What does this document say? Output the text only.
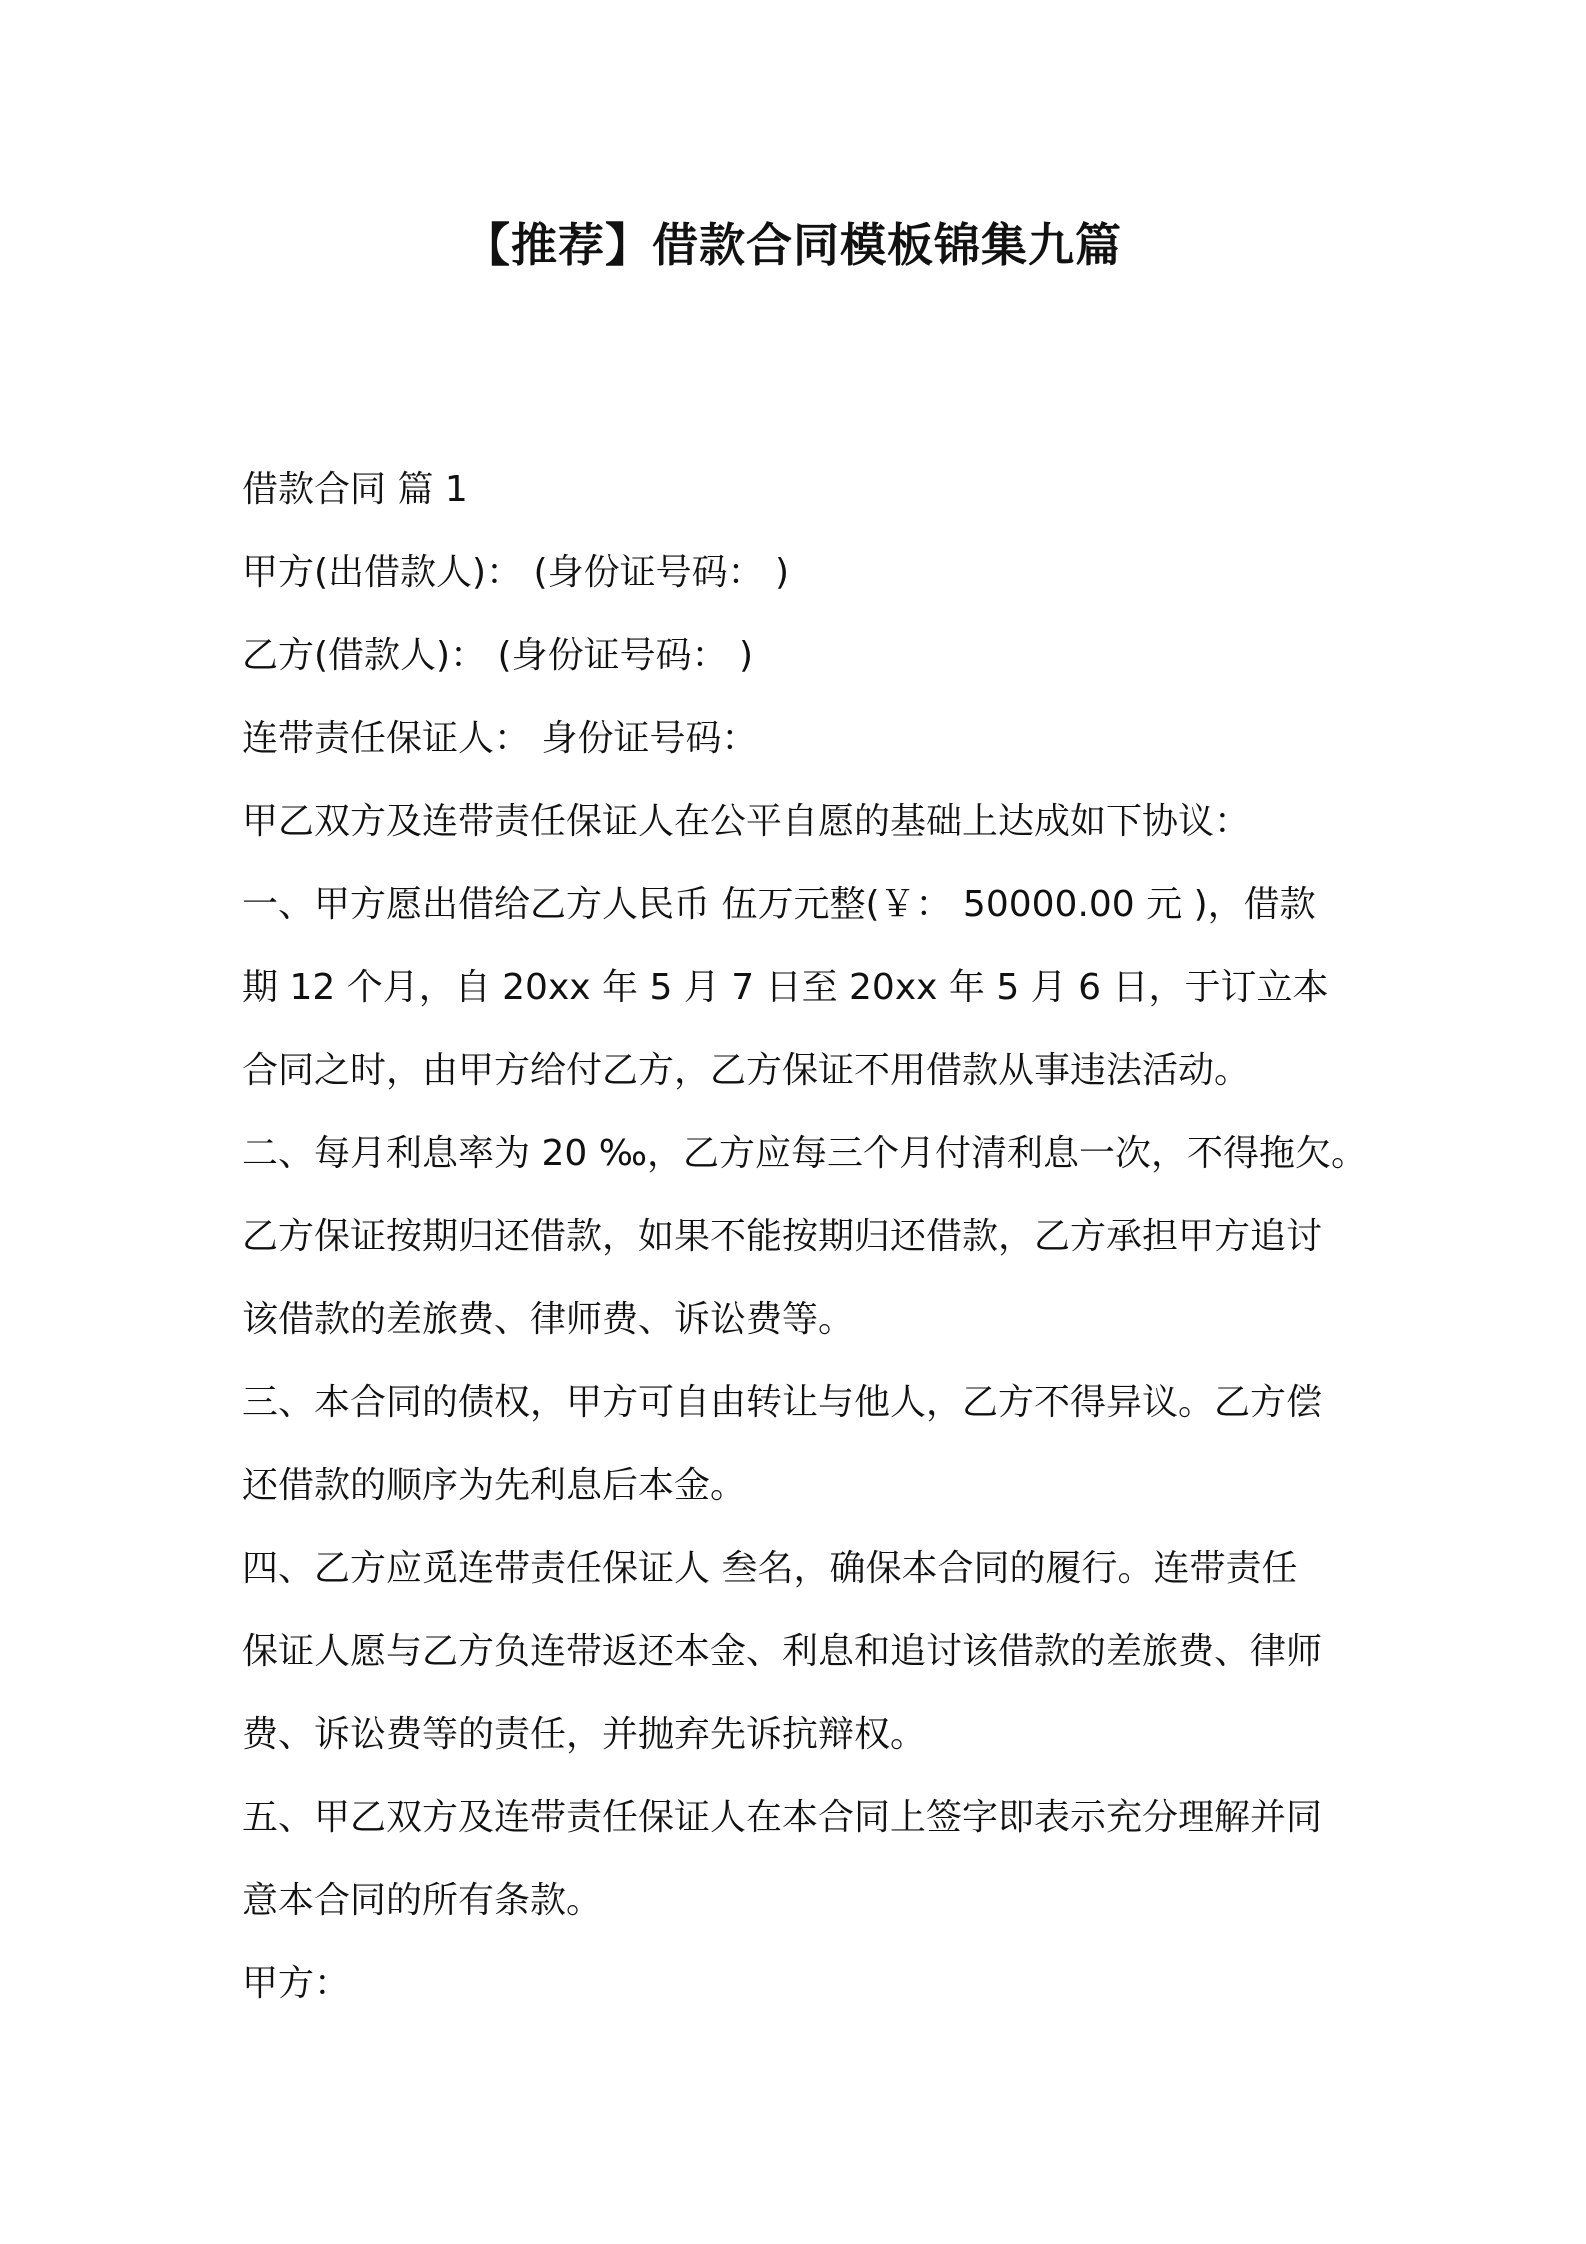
【推荐】借款合同模板锦集九篇

借款合同 篇 1

甲方(出借款人)： (身份证号码： )

乙方(借款人)： (身份证号码： )

连带责任保证人： 身份证号码：

甲乙双方及连带责任保证人在公平自愿的基础上达成如下协议：

一、甲方愿出借给乙方人民币 伍万元整(￥： 50000.00 元 )，借款

期 12 个月，自 20xx 年 5 月 7 日至 20xx 年 5 月 6 日，于订立本

合同之时，由甲方给付乙方，乙方保证不用借款从事违法活动。

二、每月利息率为 20 ‰，乙方应每三个月付清利息一次，不得拖欠。

乙方保证按期归还借款，如果不能按期归还借款，乙方承担甲方追讨

该借款的差旅费、律师费、诉讼费等。

三、本合同的债权，甲方可自由转让与他人，乙方不得异议。乙方偿

还借款的顺序为先利息后本金。

四、乙方应觅连带责任保证人 叁名，确保本合同的履行。连带责任

保证人愿与乙方负连带返还本金、利息和追讨该借款的差旅费、律师

费、诉讼费等的责任，并抛弃先诉抗辩权。

五、甲乙双方及连带责任保证人在本合同上签字即表示充分理解并同

意本合同的所有条款。

甲方：
